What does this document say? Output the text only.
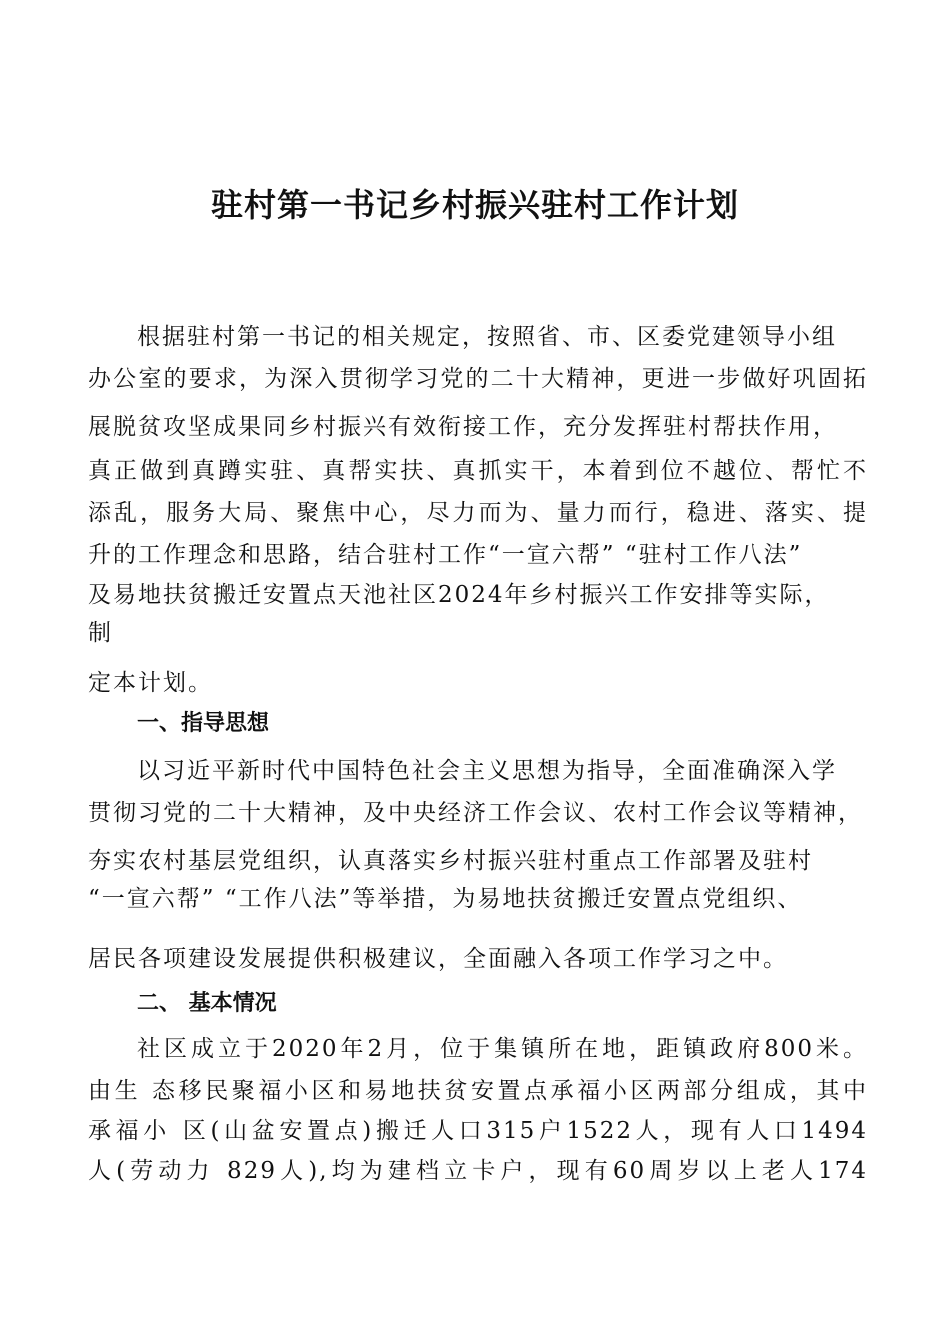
驻村第一书记乡村振兴驻村工作计划
根据驻村第一书记的相关规定，按照省、市、区委党建领导小组
办公室的要求，为深入贯彻学习党的二十大精神，更进一步做好巩固拓
展脱贫攻坚成果同乡村振兴有效衔接工作，充分发挥驻村帮扶作用，
真正做到真蹲实驻、真帮实扶、真抓实干，本着到位不越位、帮忙不
添乱，服务大局、聚焦中心，尽力而为、量力而行，稳进、落实、提
升的工作理念和思路，结合驻村工作“一宣六帮” “驻村工作八法”
及易地扶贫搬迁安置点天池社区2024年乡村振兴工作安排等实际，
制
定本计划。
一、指导思想
以习近平新时代中国特色社会主义思想为指导，全面准确深入学
贯彻习党的二十大精神，及中央经济工作会议、农村工作会议等精神，
夯实农村基层党组织，认真落实乡村振兴驻村重点工作部署及驻村
“一宣六帮” “工作八法”等举措，为易地扶贫搬迁安置点党组织、
居民各项建设发展提供积极建议，全面融入各项工作学习之中。
二、 基本情况
社区成立于2020年2月，位于集镇所在地，距镇政府800米。
由生 态移民聚福小区和易地扶贫安置点承福小区两部分组成，其中
承福小 区(山盆安置点)搬迁人口315户1522人，现有人口1494
人(劳动力 829人),均为建档立卡户，现有60周岁以上老人174
